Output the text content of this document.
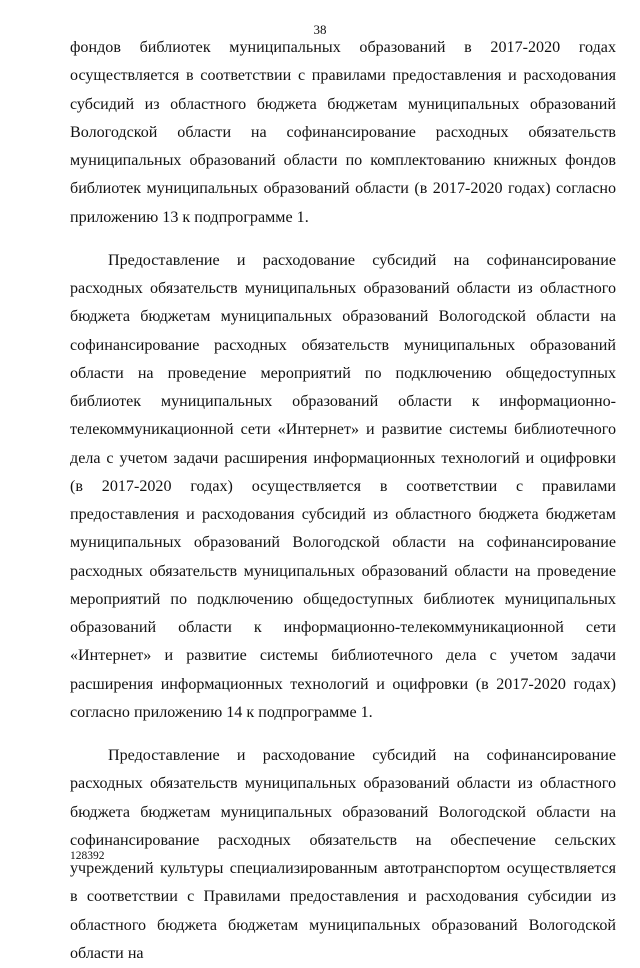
38

фондов библиотек муниципальных образований в 2017-2020 годах осуществляется в соответствии с правилами предоставления и расходования субсидий из областного бюджета бюджетам муниципальных образований Вологодской области на софинансирование расходных обязательств муниципальных образований области по комплектованию книжных фондов библиотек муниципальных образований области (в 2017-2020 годах) согласно приложению 13 к подпрограмме 1.

Предоставление и расходование субсидий на софинансирование расходных обязательств муниципальных образований области из областного бюджета бюджетам муниципальных образований Вологодской области на софинансирование расходных обязательств муниципальных образований области на проведение мероприятий по подключению общедоступных библиотек муниципальных образований области к информационно-телекоммуникационной сети «Интернет» и развитие системы библиотечного дела с учетом задачи расширения информационных технологий и оцифровки (в 2017-2020 годах) осуществляется в соответствии с правилами предоставления и расходования субсидий из областного бюджета бюджетам муниципальных образований Вологодской области на софинансирование расходных обязательств муниципальных образований области на проведение мероприятий по подключению общедоступных библиотек муниципальных образований области к информационно-телекоммуникационной сети «Интернет» и развитие системы библиотечного дела с учетом задачи расширения информационных технологий и оцифровки (в 2017-2020 годах) согласно приложению 14 к подпрограмме 1.

Предоставление и расходование субсидий на софинансирование расходных обязательств муниципальных образований области из областного бюджета бюджетам муниципальных образований Вологодской области на софинансирование расходных обязательств на обеспечение сельских учреждений культуры специализированным автотранспортом осуществляется в соответствии с Правилами предоставления и расходования субсидии из областного бюджета бюджетам муниципальных образований Вологодской области на

128392
